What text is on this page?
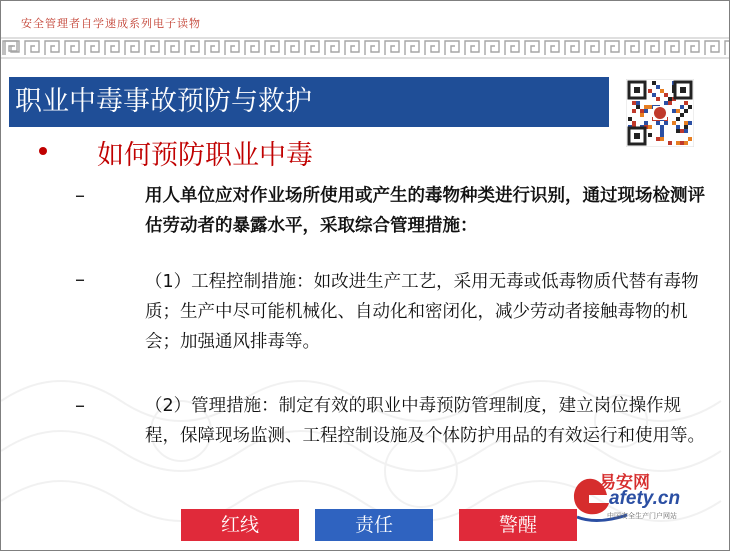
安全管理者自学速成系列电子读物
职业中毒事故预防与救护
如何预防职业中毒
–	用人单位应对作业场所使用或产生的毒物种类进行识别，通过现场检测评估劳动者的暴露水平，采取综合管理措施：
–	（1）工程控制措施：如改进生产工艺，采用无毒或低毒物质代替有毒物质；生产中尽可能机械化、自动化和密闭化，减少劳动者接触毒物的机会；加强通风排毒等。
–	（2）管理措施：制定有效的职业中毒预防管理制度，建立岗位操作规程，保障现场监测、工程控制设施及个体防护用品的有效运行和使用等。
易安网
afety.cn
中国安全生产门户网站
红线	责任	警醒
